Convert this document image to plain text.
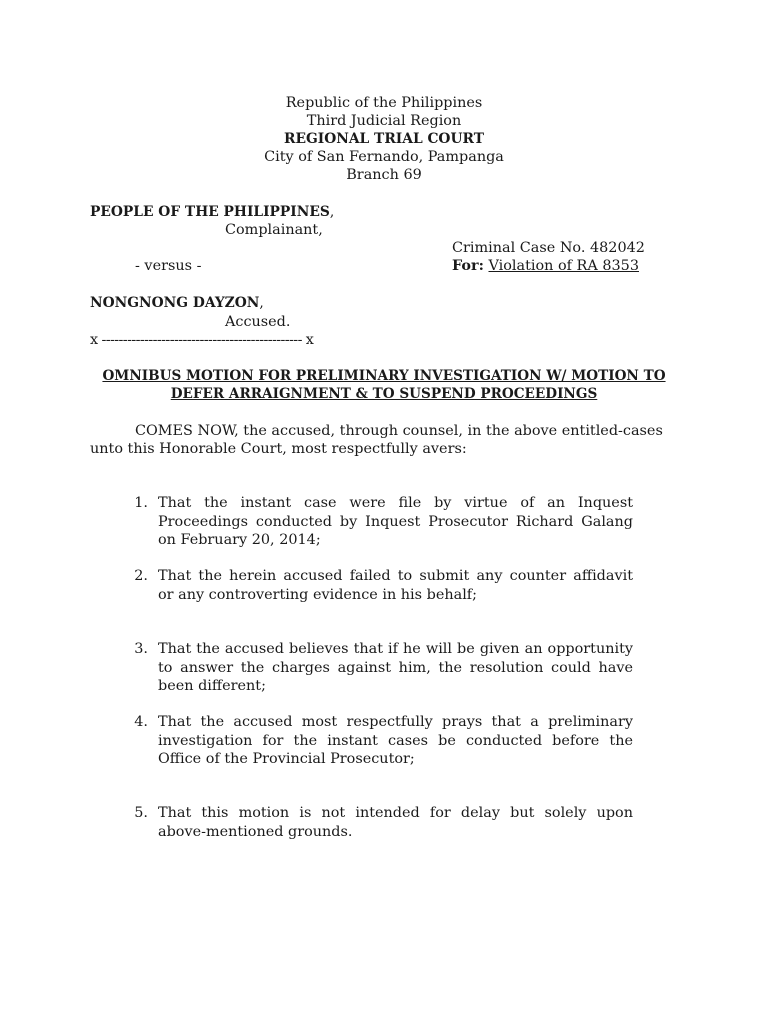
Republic of the Philippines
Third Judicial Region
REGIONAL TRIAL COURT
City of San Fernando, Pampanga
Branch 69
PEOPLE OF THE PHILIPPINES,
Complainant,
Criminal Case No. 482042
- versus -	For: Violation of RA 8353
NONGNONG DAYZON,
Accused.
x ----------------------------------------------- x
OMNIBUS MOTION FOR PRELIMINARY INVESTIGATION W/ MOTION TO
DEFER ARRAIGNMENT & TO SUSPEND PROCEEDINGS
COMES NOW, the accused, through counsel, in the above entitled-cases
unto this Honorable Court, most respectfully avers:
1. That the instant case were file by virtue of an Inquest
Proceedings conducted by Inquest Prosecutor Richard Galang
on February 20, 2014;
2. That the herein accused failed to submit any counter affidavit
or any controverting evidence in his behalf;
3. That the accused believes that if he will be given an opportunity
to answer the charges against him, the resolution could have
been different;
4. That the accused most respectfully prays that a preliminary
investigation for the instant cases be conducted before the
Office of the Provincial Prosecutor;
5. That this motion is not intended for delay but solely upon
above-mentioned grounds.
